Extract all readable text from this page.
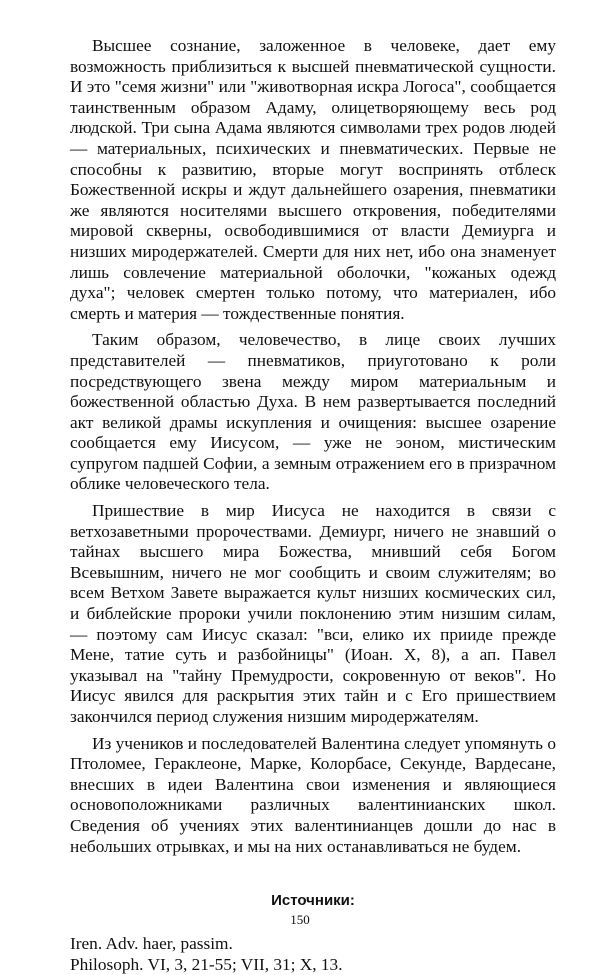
Высшее сознание, заложенное в человеке, дает ему возможность приблизиться к высшей пневматической сущности. И это "семя жизни" или "животворная искра Логоса", сообщается таинственным образом Адаму, олицетворяющему весь род людской. Три сына Адама являются символами трех родов людей — материальных, психических и пневматических. Первые не способны к развитию, вторые могут воспринять отблеск Божественной искры и ждут дальнейшего озарения, пневматики же являются носителями высшего откровения, победителями мировой скверны, освободившимися от власти Демиурга и низших миродержателей. Смерти для них нет, ибо она знаменует лишь совлечение материальной оболочки, "кожаных одежд духа"; человек смертен только потому, что материален, ибо смерть и материя — тождественные понятия.

Таким образом, человечество, в лице своих лучших представителей — пневматиков, приуготовано к роли посредствующего звена между миром материальным и божественной областью Духа. В нем развертывается последний акт великой драмы искупления и очищения: высшее озарение сообщается ему Иисусом, — уже не эоном, мистическим супругом падшей Софии, а земным отражением его в призрачном облике человеческого тела.

Пришествие в мир Иисуса не находится в связи с ветхозаветными пророчествами. Демиург, ничего не знавший о тайнах высшего мира Божества, мнивший себя Богом Всевышним, ничего не мог сообщить и своим служителям; во всем Ветхом Завете выражается культ низших космических сил, и библейские пророки учили поклонению этим низшим силам, — поэтому сам Иисус сказал: "вси, елико их прииде прежде Мене, татие суть и разбойницы" (Иоан. X, 8), а ап. Павел указывал на "тайну Премудрости, сокровенную от веков". Но Иисус явился для раскрытия этих тайн и с Его пришествием закончился период служения низшим миродержателям.

Из учеников и последователей Валентина следует упомянуть о Птоломее, Гераклеоне, Марке, Колорбасе, Секунде, Вардесане, внесших в идеи Валентина свои изменения и являющиеся основоположниками различных валентинианских школ. Сведения об учениях этих валентинианцев дошли до нас в небольших отрывках, и мы на них останавливаться не будем.

Источники:
Iren. Adv. haer, passim.
Philosoph. VI, 3, 21-55; VII, 31; X, 13.
150
